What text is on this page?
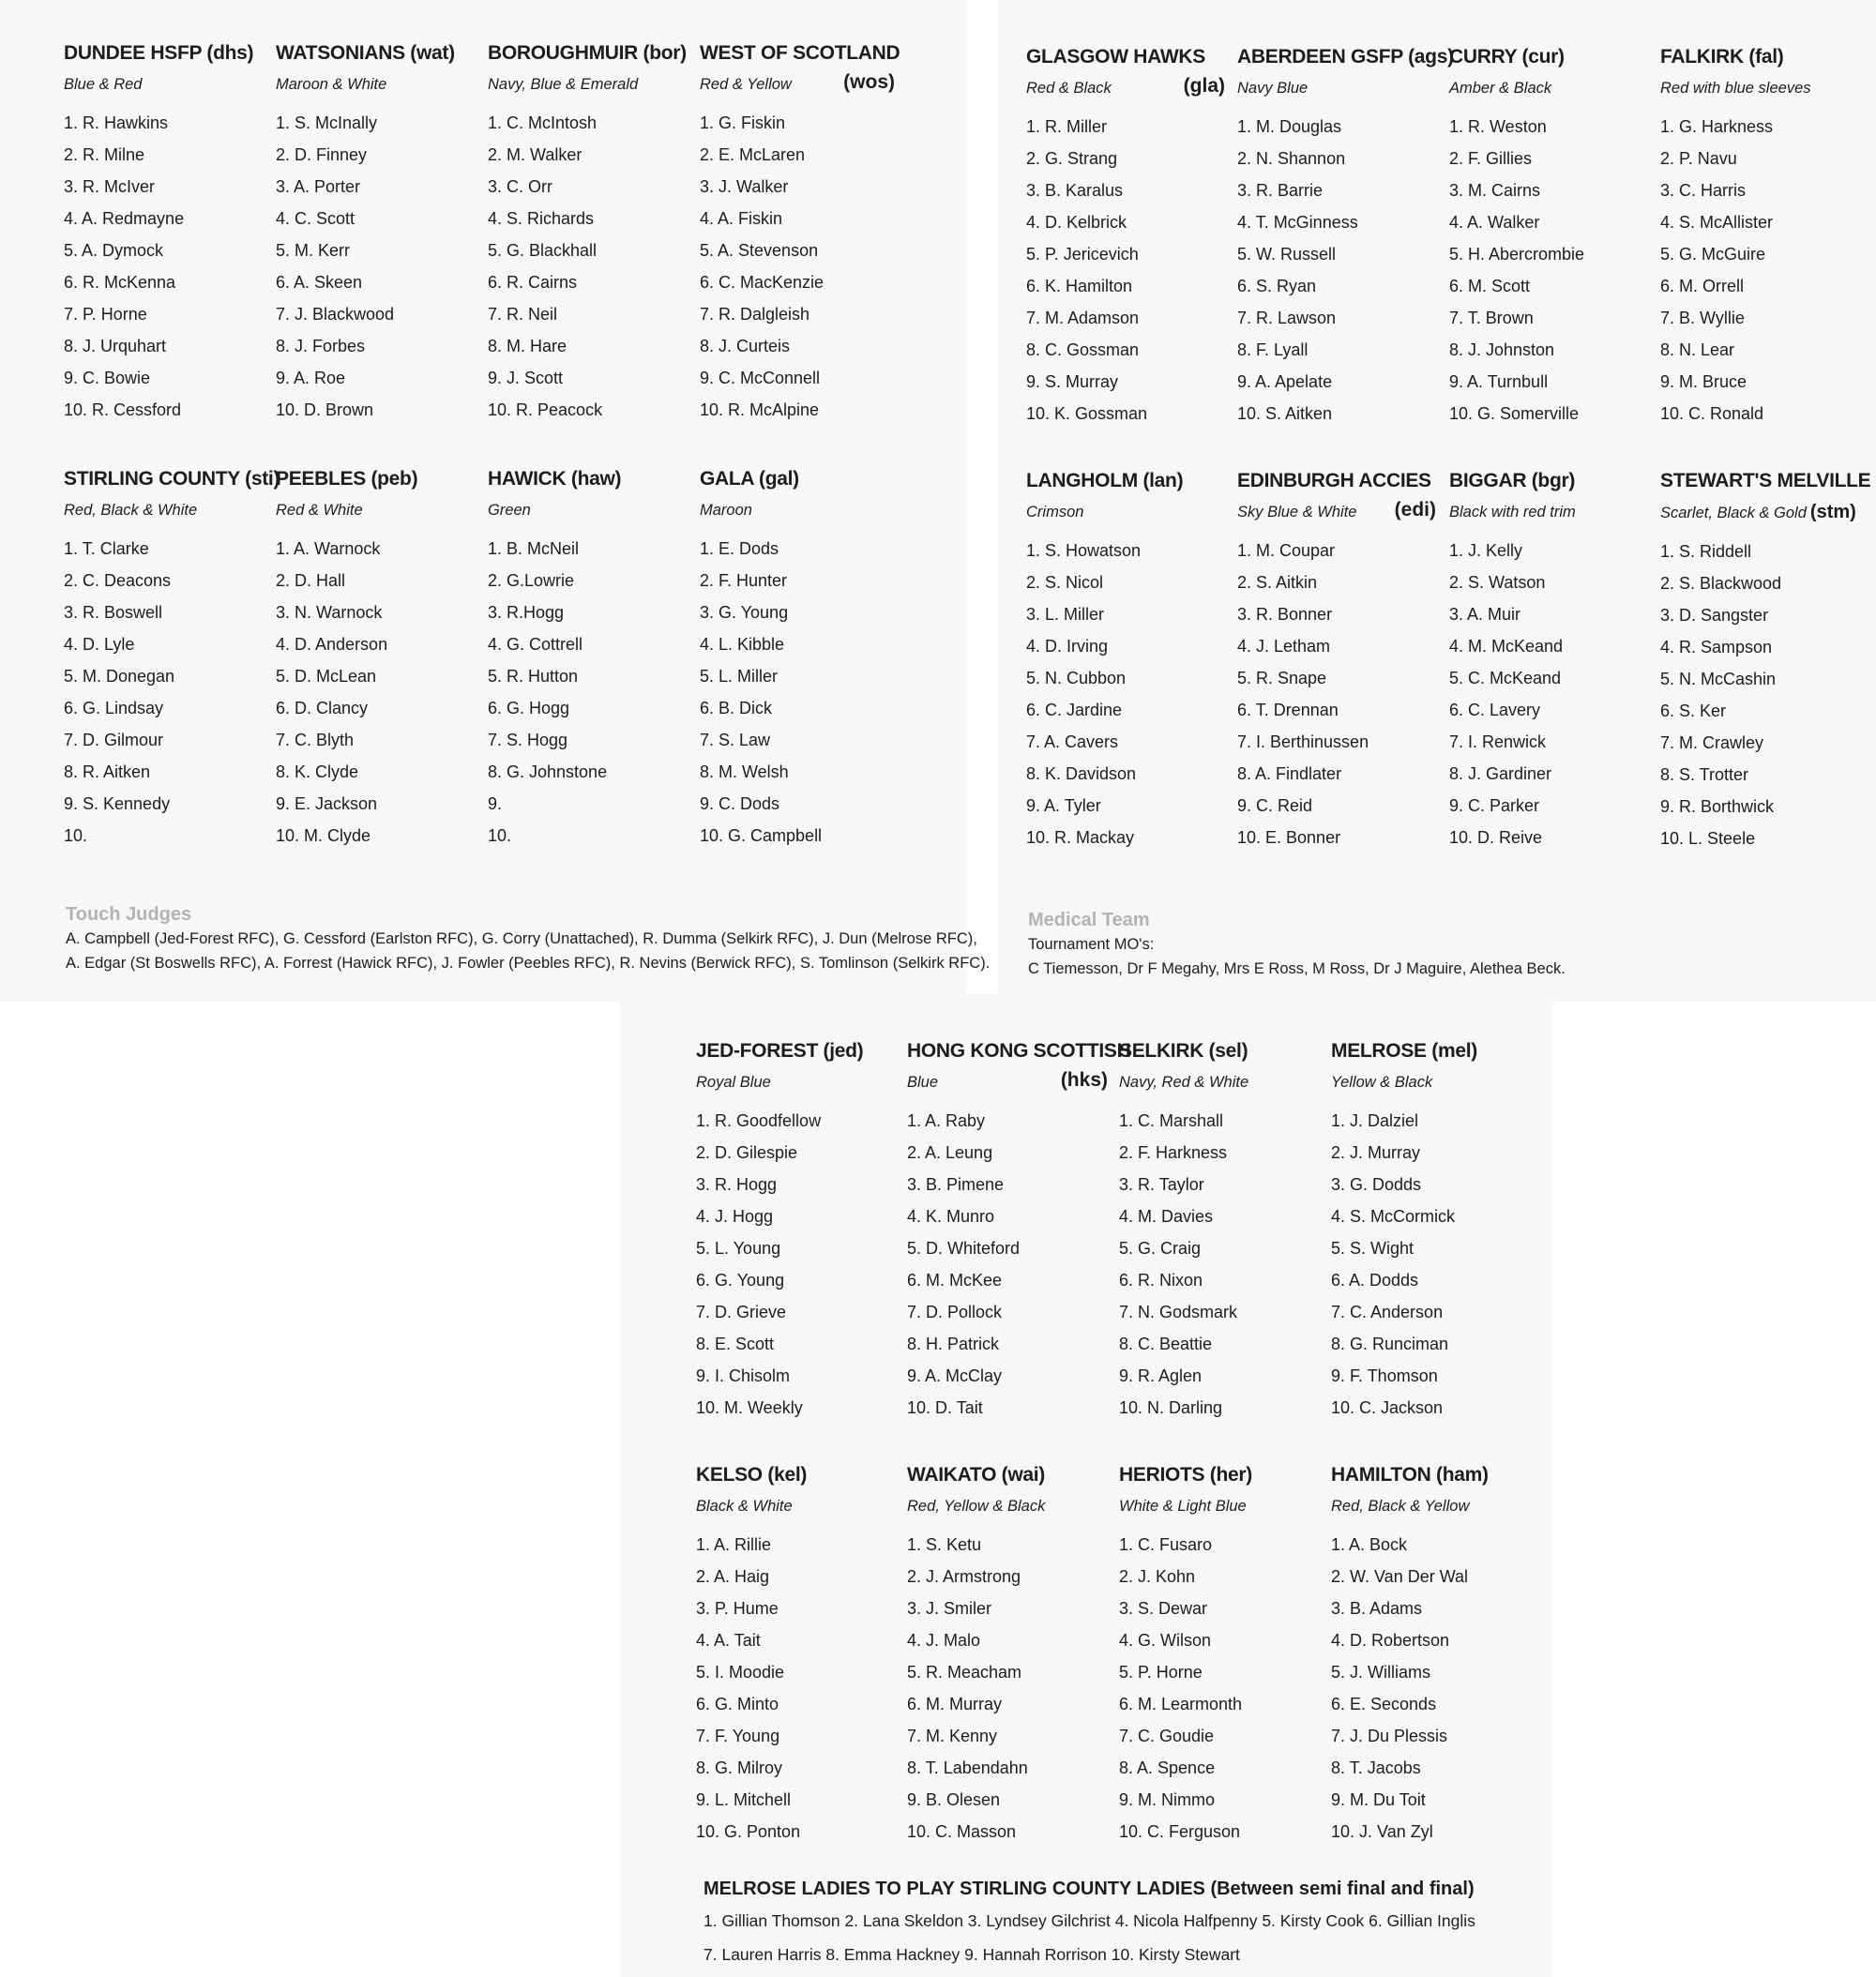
DUNDEE HSFP (dhs)
Blue & Red
1. R. Hawkins
2. R. Milne
3. R. McIver
4. A. Redmayne
5. A. Dymock
6. R. McKenna
7. P. Horne
8. J. Urquhart
9. C. Bowie
10. R. Cessford
WATSONIANS (wat)
Maroon & White
1. S. McInally
2. D. Finney
3. A. Porter
4. C. Scott
5. M. Kerr
6. A. Skeen
7. J. Blackwood
8. J. Forbes
9. A. Roe
10. D. Brown
BOROUGHMUIR (bor)
Navy, Blue & Emerald
1. C. McIntosh
2. M. Walker
3. C. Orr
4. S. Richards
5. G. Blackhall
6. R. Cairns
7. R. Neil
8. M. Hare
9. J. Scott
10. R. Peacock
WEST OF SCOTLAND
Red & Yellow	(wos)
1. G. Fiskin
2. E. McLaren
3. J. Walker
4. A. Fiskin
5. A. Stevenson
6. C. MacKenzie
7. R. Dalgleish
8. J. Curteis
9. C. McConnell
10. R. McAlpine
STIRLING COUNTY (sti)
Red, Black & White
1. T. Clarke
2. C. Deacons
3. R. Boswell
4. D. Lyle
5. M. Donegan
6. G. Lindsay
7. D. Gilmour
8. R. Aitken
9. S. Kennedy
10.
PEEBLES (peb)
Red & White
1. A. Warnock
2. D. Hall
3. N. Warnock
4. D. Anderson
5. D. McLean
6. D. Clancy
7. C. Blyth
8. K. Clyde
9. E. Jackson
10. M. Clyde
HAWICK (haw)
Green
1. B. McNeil
2. G.Lowrie
3. R.Hogg
4. G. Cottrell
5. R. Hutton
6. G. Hogg
7. S. Hogg
8. G. Johnstone
9.
10.
GALA (gal)
Maroon
1. E. Dods
2. F. Hunter
3. G. Young
4. L. Kibble
5. L. Miller
6. B. Dick
7. S. Law
8. M. Welsh
9. C. Dods
10. G. Campbell
Touch Judges
A. Campbell (Jed-Forest RFC), G. Cessford (Earlston RFC), G. Corry (Unattached), R. Dumma (Selkirk RFC), J. Dun (Melrose RFC),
A. Edgar (St Boswells RFC), A. Forrest (Hawick RFC), J. Fowler (Peebles RFC), R. Nevins (Berwick RFC), S. Tomlinson (Selkirk RFC).
GLASGOW HAWKS
Red & Black	(gla)
1. R. Miller
2. G. Strang
3. B. Karalus
4. D. Kelbrick
5. P. Jericevich
6. K. Hamilton
7. M. Adamson
8. C. Gossman
9. S. Murray
10. K. Gossman
ABERDEEN GSFP (ags)
Navy Blue
1. M. Douglas
2. N. Shannon
3. R. Barrie
4. T. McGinness
5. W. Russell
6. S. Ryan
7. R. Lawson
8. F. Lyall
9. A. Apelate
10. S. Aitken
CURRY (cur)
Amber & Black
1. R. Weston
2. F. Gillies
3. M. Cairns
4. A. Walker
5. H. Abercrombie
6. M. Scott
7. T. Brown
8. J. Johnston
9. A. Turnbull
10. G. Somerville
FALKIRK (fal)
Red with blue sleeves
1. G. Harkness
2. P. Navu
3. C. Harris
4. S. McAllister
5. G. McGuire
6. M. Orrell
7. B. Wyllie
8. N. Lear
9. M. Bruce
10. C. Ronald
LANGHOLM (lan)
Crimson
1. S. Howatson
2. S. Nicol
3. L. Miller
4. D. Irving
5. N. Cubbon
6. C. Jardine
7. A. Cavers
8. K. Davidson
9. A. Tyler
10. R. Mackay
EDINBURGH ACCIES
Sky Blue & White (edi)
1. M. Coupar
2. S. Aitkin
3. R. Bonner
4. J. Letham
5. R. Snape
6. T. Drennan
7. I. Berthinussen
8. A. Findlater
9. C. Reid
10. E. Bonner
BIGGAR (bgr)
Black with red trim
1. J. Kelly
2. S. Watson
3. A. Muir
4. M. McKeand
5. C. McKeand
6. C. Lavery
7. I. Renwick
8. J. Gardiner
9. C. Parker
10. D. Reive
STEWART'S MELVILLE
Scarlet, Black & Gold (stm)
1. S. Riddell
2. S. Blackwood
3. D. Sangster
4. R. Sampson
5. N. McCashin
6. S. Ker
7. M. Crawley
8. S. Trotter
9. R. Borthwick
10. L. Steele
Medical Team
Tournament MO's:
C Tiemesson, Dr F Megahy, Mrs E Ross, M Ross, Dr J Maguire, Alethea Beck.
JED-FOREST (jed)
Royal Blue
1. R. Goodfellow
2. D. Gilespie
3. R. Hogg
4. J. Hogg
5. L. Young
6. G. Young
7. D. Grieve
8. E. Scott
9. I. Chisolm
10. M. Weekly
HONG KONG SCOTTISH
Blue	(hks)
1. A. Raby
2. A. Leung
3. B. Pimene
4. K. Munro
5. D. Whiteford
6. M. McKee
7. D. Pollock
8. H. Patrick
9. A. McClay
10. D. Tait
SELKIRK (sel)
Navy, Red & White
1. C. Marshall
2. F. Harkness
3. R. Taylor
4. M. Davies
5. G. Craig
6. R. Nixon
7. N. Godsmark
8. C. Beattie
9. R. Aglen
10. N. Darling
MELROSE (mel)
Yellow & Black
1. J. Dalziel
2. J. Murray
3. G. Dodds
4. S. McCormick
5. S. Wight
6. A. Dodds
7. C. Anderson
8. G. Runciman
9. F. Thomson
10. C. Jackson
KELSO (kel)
Black & White
1. A. Rillie
2. A. Haig
3. P. Hume
4. A. Tait
5. I. Moodie
6. G. Minto
7. F. Young
8. G. Milroy
9. L. Mitchell
10. G. Ponton
WAIKATO (wai)
Red, Yellow & Black
1. S. Ketu
2. J. Armstrong
3. J. Smiler
4. J. Malo
5. R. Meacham
6. M. Murray
7. M. Kenny
8. T. Labendahn
9. B. Olesen
10. C. Masson
HERIOTS (her)
White & Light Blue
1. C. Fusaro
2. J. Kohn
3. S. Dewar
4. G. Wilson
5. P. Horne
6. M. Learmonth
7. C. Goudie
8. A. Spence
9. M. Nimmo
10. C. Ferguson
HAMILTON (ham)
Red, Black & Yellow
1. A. Bock
2. W. Van Der Wal
3. B. Adams
4. D. Robertson
5. J. Williams
6. E. Seconds
7. J. Du Plessis
8. T. Jacobs
9. M. Du Toit
10. J. Van Zyl
MELROSE LADIES TO PLAY STIRLING COUNTY LADIES (Between semi final and final)
1. Gillian Thomson 2. Lana Skeldon 3. Lyndsey Gilchrist 4. Nicola Halfpenny 5. Kirsty Cook 6. Gillian Inglis
7. Lauren Harris 8. Emma Hackney 9. Hannah Rorrison 10. Kirsty Stewart
